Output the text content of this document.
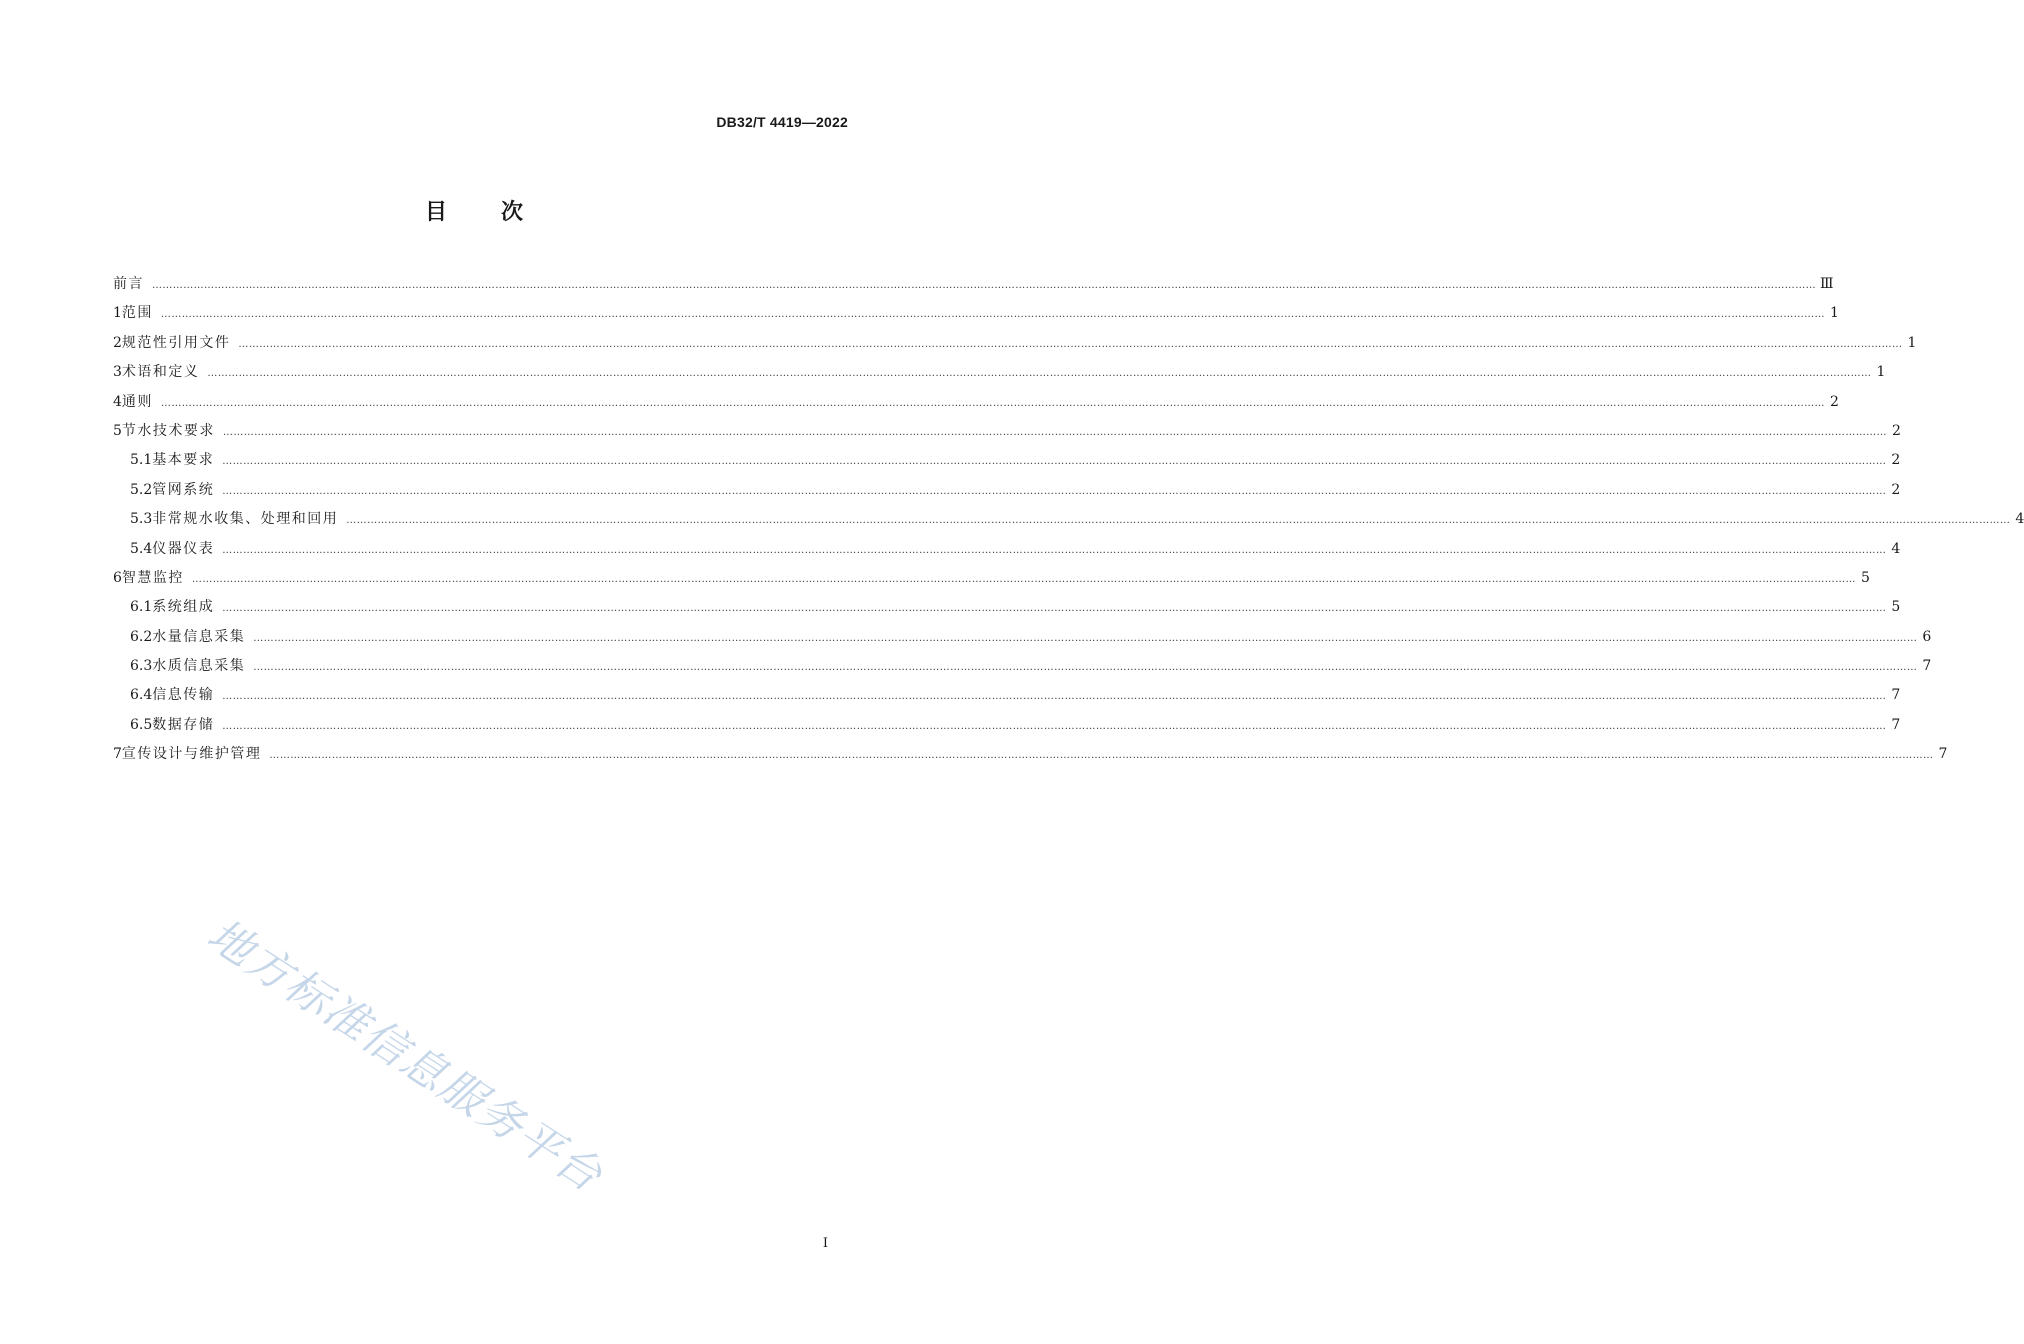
DB32/T 4419—2022
目 次
前言 ………………………………………………………………………………………………………………………………………………………………………………………………………………………………………………………………………………………………………………………………………………………………………………………………………………………………………… Ⅲ
1 范围 ………………………………………………………………………………………………………………………………………………………………………………………………………………………………………………………………………………………………………………………………………………………………………………………………………………………………………… 1
2 规范性引用文件 ………………………………………………………………………………………………………………………………………………………………………………………………………………………………………………………………………………………………………………………………………………………………………………………………………………………………………… 1
3 术语和定义 ………………………………………………………………………………………………………………………………………………………………………………………………………………………………………………………………………………………………………………………………………………………………………………………………………………………………………… 1
4 通则 ………………………………………………………………………………………………………………………………………………………………………………………………………………………………………………………………………………………………………………………………………………………………………………………………………………………………………… 2
5 节水技术要求 ………………………………………………………………………………………………………………………………………………………………………………………………………………………………………………………………………………………………………………………………………………………………………………………………………………………………………… 2
5.1 基本要求 ………………………………………………………………………………………………………………………………………………………………………………………………………………………………………………………………………………………………………………………………………………………………………………………………………………………………………… 2
5.2 管网系统 ………………………………………………………………………………………………………………………………………………………………………………………………………………………………………………………………………………………………………………………………………………………………………………………………………………………………………… 2
5.3 非常规水收集、处理和回用 ………………………………………………………………………………………………………………………………………………………………………………………………………………………………………………………………………………………………………………………………………………………………………………………………………………………………………… 4
5.4 仪器仪表 ………………………………………………………………………………………………………………………………………………………………………………………………………………………………………………………………………………………………………………………………………………………………………………………………………………………………………… 4
6 智慧监控 ………………………………………………………………………………………………………………………………………………………………………………………………………………………………………………………………………………………………………………………………………………………………………………………………………………………………………… 5
6.1 系统组成 ………………………………………………………………………………………………………………………………………………………………………………………………………………………………………………………………………………………………………………………………………………………………………………………………………………………………………… 5
6.2 水量信息采集 ………………………………………………………………………………………………………………………………………………………………………………………………………………………………………………………………………………………………………………………………………………………………………………………………………………………………………… 6
6.3 水质信息采集 ………………………………………………………………………………………………………………………………………………………………………………………………………………………………………………………………………………………………………………………………………………………………………………………………………………………………………… 7
6.4 信息传输 ………………………………………………………………………………………………………………………………………………………………………………………………………………………………………………………………………………………………………………………………………………………………………………………………………………………………………… 7
6.5 数据存储 ………………………………………………………………………………………………………………………………………………………………………………………………………………………………………………………………………………………………………………………………………………………………………………………………………………………………………… 7
7 宣传设计与维护管理 ………………………………………………………………………………………………………………………………………………………………………………………………………………………………………………………………………………………………………………………………………………………………………………………………………………………………………… 7
地方标准信息服务平台
I
